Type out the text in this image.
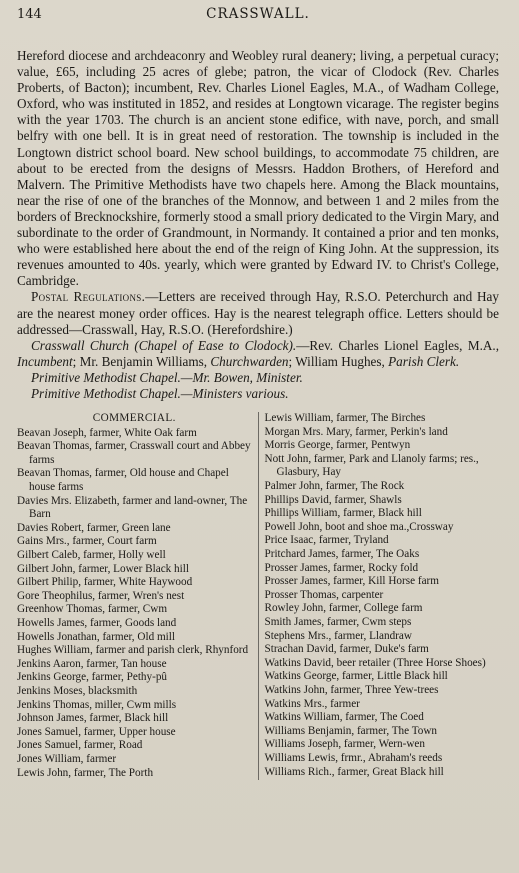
144	CRASSWALL.

Hereford diocese and archdeaconry and Weobley rural deanery; living, a perpetual curacy; value, £65, including 25 acres of glebe; patron, the vicar of Clodock (Rev. Charles Proberts, of Bacton); incumbent, Rev. Charles Lionel Eagles, M.A., of Wadham College, Oxford, who was instituted in 1852, and resides at Longtown vicarage. The register begins with the year 1703. The church is an ancient stone edifice, with nave, porch, and small belfry with one bell. It is in great need of restoration. The township is included in the Longtown district school board. New school buildings, to accommodate 75 children, are about to be erected from the designs of Messrs. Haddon Brothers, of Hereford and Malvern. The Primitive Methodists have two chapels here. Among the Black mountains, near the rise of one of the branches of the Monnow, and between 1 and 2 miles from the borders of Brecknockshire, formerly stood a small priory dedicated to the Virgin Mary, and subordinate to the order of Grandmount, in Normandy. It contained a prior and ten monks, who were established here about the end of the reign of King John. At the suppression, its revenues amounted to 40s. yearly, which were granted by Edward IV. to Christ's College, Cambridge.

Postal Regulations.—Letters are received through Hay, R.S.O. Peterchurch and Hay are the nearest money order offices. Hay is the nearest telegraph office. Letters should be addressed—Crasswall, Hay, R.S.O. (Herefordshire.)

Crasswall Church (Chapel of Ease to Clodock).—Rev. Charles Lionel Eagles, M.A., Incumbent; Mr. Benjamin Williams, Churchwarden; William Hughes, Parish Clerk.

Primitive Methodist Chapel.—Mr. Bowen, Minister.

Primitive Methodist Chapel.—Ministers various.

COMMERCIAL.
Beavan Joseph, farmer, White Oak farm
Beavan Thomas, farmer, Crasswall court and Abbey farms
Beavan Thomas, farmer, Old house and Chapel house farms
Davies Mrs. Elizabeth, farmer and land-owner, The Barn
Davies Robert, farmer, Green lane
Gains Mrs., farmer, Court farm
Gilbert Caleb, farmer, Holly well
Gilbert John, farmer, Lower Black hill
Gilbert Philip, farmer, White Haywood
Gore Theophilus, farmer, Wren's nest
Greenhow Thomas, farmer, Cwm
Howells James, farmer, Goods land
Howells Jonathan, farmer, Old mill
Hughes William, farmer and parish clerk, Rhynford
Jenkins Aaron, farmer, Tan house
Jenkins George, farmer, Pethy-pû
Jenkins Moses, blacksmith
Jenkins Thomas, miller, Cwm mills
Johnson James, farmer, Black hill
Jones Samuel, farmer, Upper house
Jones Samuel, farmer, Road
Jones William, farmer
Lewis John, farmer, The Porth
Lewis William, farmer, The Birches
Morgan Mrs. Mary, farmer, Perkin's land
Morris George, farmer, Pentwyn
Nott John, farmer, Park and Llanoly farms; res., Glasbury, Hay
Palmer John, farmer, The Rock
Phillips David, farmer, Shawls
Phillips William, farmer, Black hill
Powell John, boot and shoe ma.,Crossway
Price Isaac, farmer, Tryland
Pritchard James, farmer, The Oaks
Prosser James, farmer, Rocky fold
Prosser James, farmer, Kill Horse farm
Prosser Thomas, carpenter
Rowley John, farmer, College farm
Smith James, farmer, Cwm steps
Stephens Mrs., farmer, Llandraw
Strachan David, farmer, Duke's farm
Watkins David, beer retailer (Three Horse Shoes)
Watkins George, farmer, Little Black hill
Watkins John, farmer, Three Yew-trees
Watkins Mrs., farmer
Watkins William, farmer, The Coed
Williams Benjamin, farmer, The Town
Williams Joseph, farmer, Wern-wen
Williams Lewis, frmr., Abraham's reeds
Williams Rich., farmer, Great Black hill
